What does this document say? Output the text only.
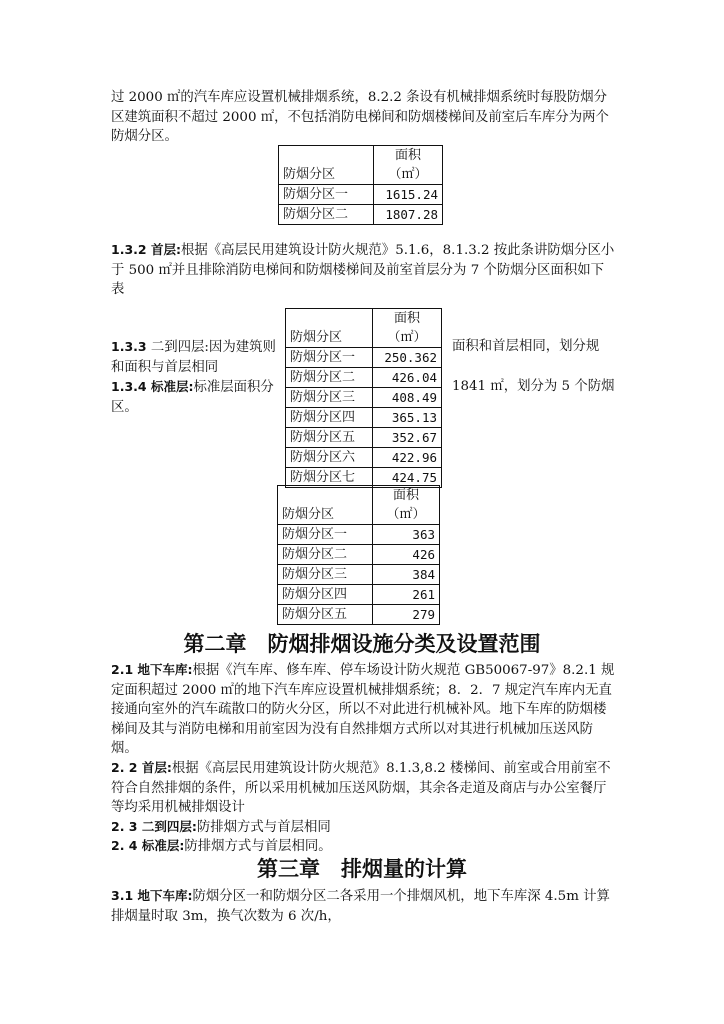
过 2000 ㎡的汽车库应设置机械排烟系统，8.2.2 条设有机械排烟系统时每股防烟分区建筑面积不超过 2000 ㎡，不包括消防电梯间和防烟楼梯间及前室后车库分为两个防烟分区。

防烟分区	面积
	（㎡）
防烟分区一	1615.24
防烟分区二	1807.28

1.3.2 首层:根据《高层民用建筑设计防火规范》5.1.6，8.1.3.2 按此条讲防烟分区小于 500 ㎡并且排除消防电梯间和防烟楼梯间及前室首层分为 7 个防烟分区面积如下表

1.3.3 二到四层:因为建筑则和面积与首层相同

面积和首层相同，划分规

1.3.4 标准层:标准层面积分区。

1841 ㎡，划分为 5 个防烟

防烟分区	面积
	（㎡）
防烟分区一	250.362
防烟分区二	426.04
防烟分区三	408.49
防烟分区四	365.13
防烟分区五	352.67
防烟分区六	422.96
防烟分区七	424.75
防烟分区	面积
	（㎡）
防烟分区一	363
防烟分区二	426
防烟分区三	384
防烟分区四	261
防烟分区五	279
第二章　防烟排烟设施分类及设置范围

2.1 地下车库:根据《汽车库、修车库、停车场设计防火规范 GB50067-97》8.2.1 规定面积超过 2000 ㎡的地下汽车库应设置机械排烟系统；8．2．7 规定汽车库内无直接通向室外的汽车疏散口的防火分区，所以不对此进行机械补风。地下车库的防烟楼梯间及其与消防电梯和用前室因为没有自然排烟方式所以对其进行机械加压送风防烟。

2. 2 首层:根据《高层民用建筑设计防火规范》8.1.3,8.2 楼梯间、前室或合用前室不符合自然排烟的条件，所以采用机械加压送风防烟，其余各走道及商店与办公室餐厅等均采用机械排烟设计

2. 3 二到四层:防排烟方式与首层相同

2. 4 标准层:防排烟方式与首层相同。

第三章　排烟量的计算

3.1 地下车库:防烟分区一和防烟分区二各采用一个排烟风机，地下车库深 4.5m 计算排烟量时取 3m，换气次数为 6 次/h，
